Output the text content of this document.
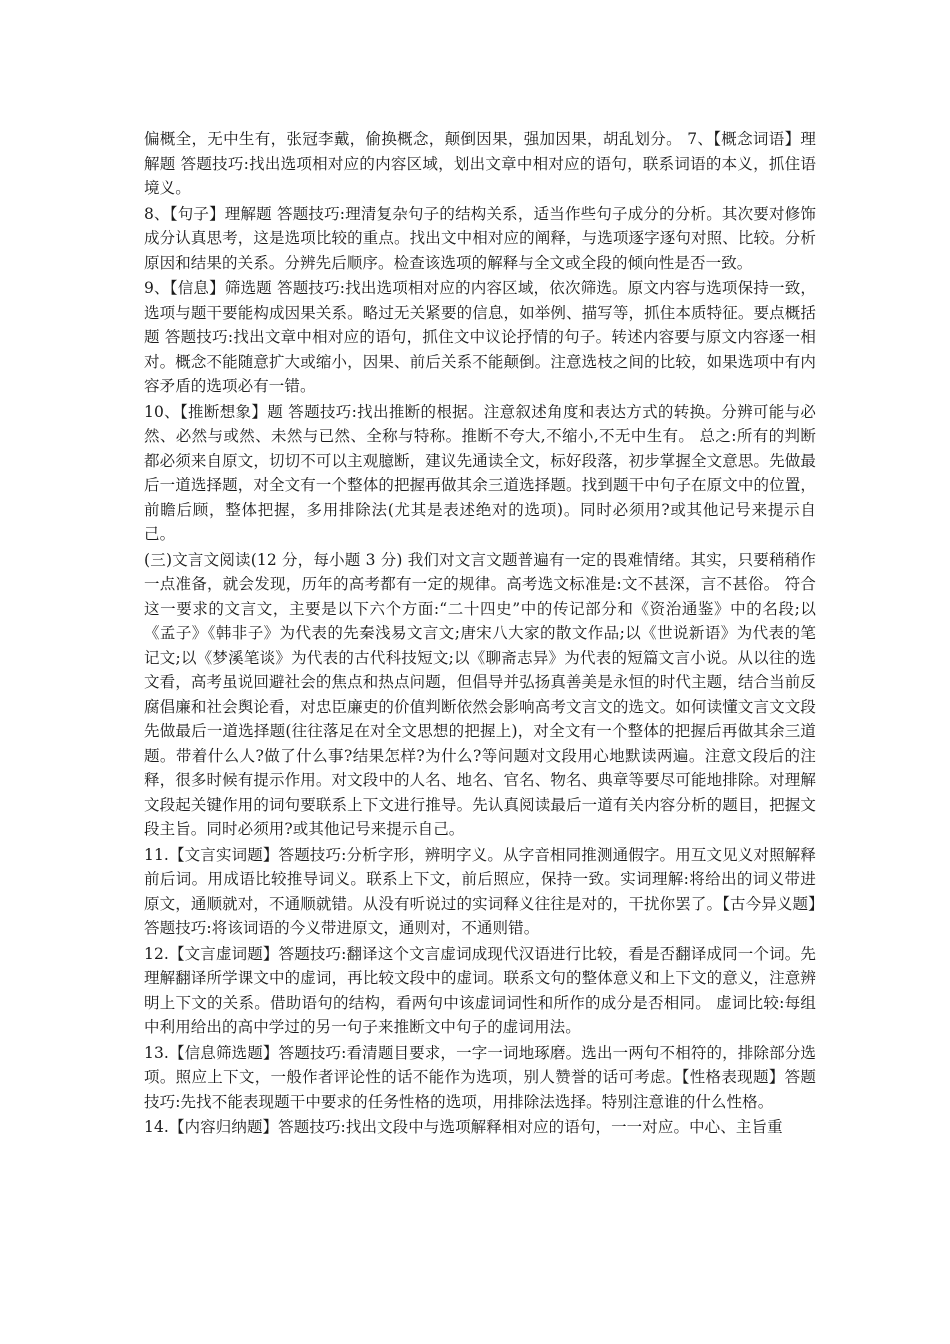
偏概全，无中生有，张冠李戴，偷换概念，颠倒因果，强加因果，胡乱划分。 7、【概念词语】理解题 答题技巧:找出选项相对应的内容区域，划出文章中相对应的语句，联系词语的本义，抓住语境义。

8、【句子】理解题 答题技巧:理清复杂句子的结构关系，适当作些句子成分的分析。其次要对修饰成分认真思考，这是选项比较的重点。找出文中相对应的阐释，与选项逐字逐句对照、比较。分析原因和结果的关系。分辨先后顺序。检查该选项的解释与全文或全段的倾向性是否一致。

9、【信息】筛选题 答题技巧:找出选项相对应的内容区域，依次筛选。原文内容与选项保持一致，选项与题干要能构成因果关系。略过无关紧要的信息，如举例、描写等，抓住本质特征。要点概括题 答题技巧:找出文章中相对应的语句，抓住文中议论抒情的句子。转述内容要与原文内容逐一相对。概念不能随意扩大或缩小，因果、前后关系不能颠倒。注意选枝之间的比较，如果选项中有内容矛盾的选项必有一错。

10、【推断想象】题 答题技巧:找出推断的根据。注意叙述角度和表达方式的转换。分辨可能与必然、必然与或然、未然与已然、全称与特称。推断不夸大,不缩小,不无中生有。 总之:所有的判断都必须来自原文，切切不可以主观臆断，建议先通读全文，标好段落，初步掌握全文意思。先做最后一道选择题，对全文有一个整体的把握再做其余三道选择题。找到题干中句子在原文中的位置，前瞻后顾，整体把握，多用排除法(尤其是表述绝对的选项)。同时必须用?或其他记号来提示自己。

(三)文言文阅读(12 分，每小题 3 分) 我们对文言文题普遍有一定的畏难情绪。其实，只要稍稍作一点准备，就会发现，历年的高考都有一定的规律。高考选文标准是:文不甚深，言不甚俗。 符合这一要求的文言文，主要是以下六个方面:“二十四史”中的传记部分和《资治通鉴》中的名段;以《孟子》《韩非子》为代表的先秦浅易文言文;唐宋八大家的散文作品;以《世说新语》为代表的笔记文;以《梦溪笔谈》为代表的古代科技短文;以《聊斋志异》为代表的短篇文言小说。从以往的选文看，高考虽说回避社会的焦点和热点问题，但倡导并弘扬真善美是永恒的时代主题，结合当前反腐倡廉和社会舆论看，对忠臣廉吏的价值判断依然会影响高考文言文的选文。如何读懂文言文文段 先做最后一道选择题(往往落足在对全文思想的把握上)，对全文有一个整体的把握后再做其余三道题。带着什么人?做了什么事?结果怎样?为什么?等问题对文段用心地默读两遍。注意文段后的注释，很多时候有提示作用。对文段中的人名、地名、官名、物名、典章等要尽可能地排除。对理解文段起关键作用的词句要联系上下文进行推导。先认真阅读最后一道有关内容分析的题目，把握文段主旨。同时必须用?或其他记号来提示自己。

11.【文言实词题】答题技巧:分析字形，辨明字义。从字音相同推测通假字。用互文见义对照解释前后词。用成语比较推导词义。联系上下文，前后照应，保持一致。实词理解:将给出的词义带进原文，通顺就对，不通顺就错。从没有听说过的实词释义往往是对的，干扰你罢了。【古今异义题】答题技巧:将该词语的今义带进原文，通则对，不通则错。

12.【文言虚词题】答题技巧:翻译这个文言虚词成现代汉语进行比较，看是否翻译成同一个词。先理解翻译所学课文中的虚词，再比较文段中的虚词。联系文句的整体意义和上下文的意义，注意辨明上下文的关系。借助语句的结构，看两句中该虚词词性和所作的成分是否相同。 虚词比较:每组中利用给出的高中学过的另一句子来推断文中句子的虚词用法。

13.【信息筛选题】答题技巧:看清题目要求，一字一词地琢磨。选出一两句不相符的，排除部分选项。照应上下文，一般作者评论性的话不能作为选项，别人赞誉的话可考虑。【性格表现题】答题技巧:先找不能表现题干中要求的任务性格的选项，用排除法选择。特别注意谁的什么性格。

14.【内容归纳题】答题技巧:找出文段中与选项解释相对应的语句，一一对应。中心、主旨重
